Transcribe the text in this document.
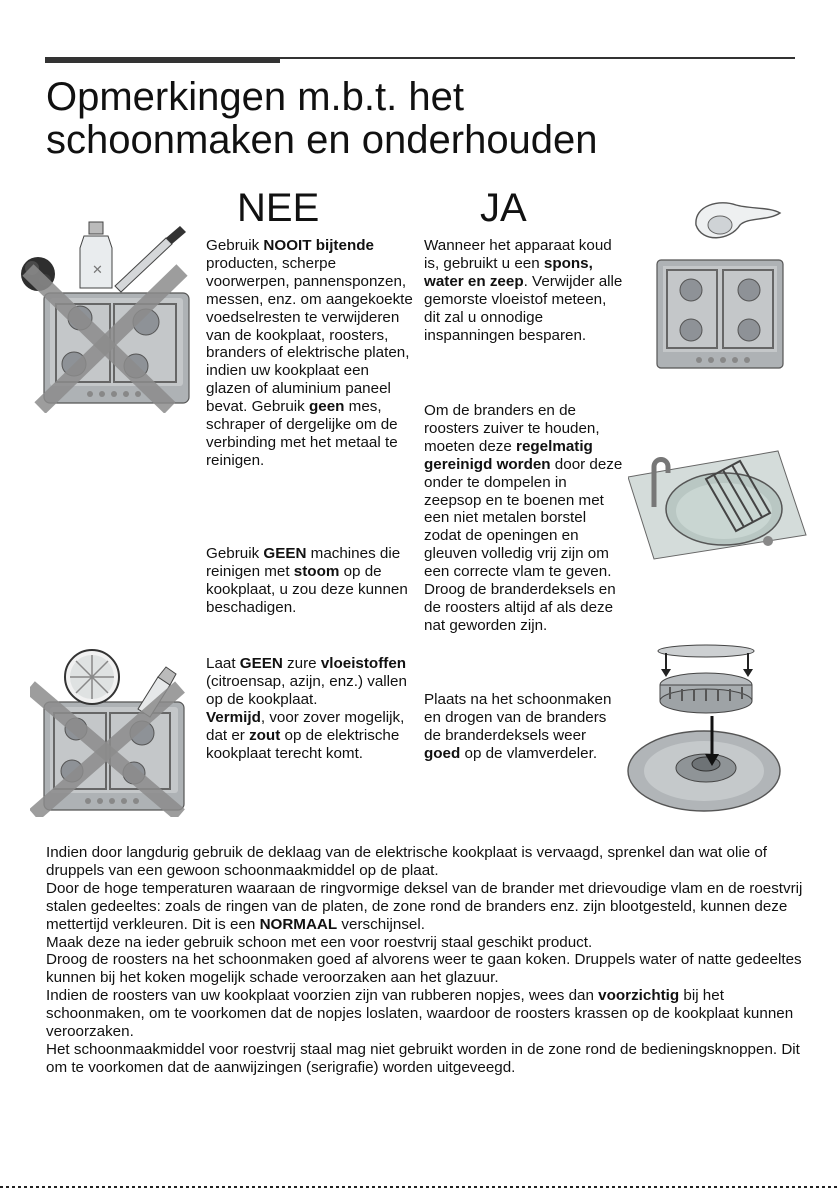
Opmerkingen m.b.t. het
schoonmaken en onderhouden
NEE	JA
Gebruik NOOIT bijtende producten, scherpe voorwerpen, pannensponzen, messen, enz. om aangekoekte voedselresten te verwijderen van de kookplaat, roosters, branders of elektrische platen, indien uw kookplaat een glazen of aluminium paneel bevat. Gebruik geen mes, schraper of dergelijke om de verbinding met het metaal te reinigen.
Gebruik GEEN machines die reinigen met stoom op de kookplaat, u zou deze kunnen beschadigen.
Laat GEEN zure vloeistoffen (citroensap, azijn, enz.) vallen op de kookplaat.
Vermijd, voor zover mogelijk, dat er zout op de elektrische kookplaat terecht komt.
Wanneer het apparaat koud is, gebruikt u een spons, water en zeep. Verwijder alle gemorste vloeistof meteen, dit zal u onnodige inspanningen besparen.
Om de branders en de roosters zuiver te houden, moeten deze regelmatig gereinigd worden door deze onder te dompelen in zeepsop en te boenen met een niet metalen borstel zodat de openingen en gleuven volledig vrij zijn om een correcte vlam te geven. Droog de branderdeksels en de roosters altijd af als deze nat geworden zijn.
Plaats na het schoonmaken en drogen van de branders de branderdeksels weer goed op de vlamverdeler.
✕
Indien door langdurig gebruik de deklaag van de elektrische kookplaat is vervaagd, sprenkel dan wat olie of druppels van een gewoon schoonmaakmiddel op de plaat.
Door de hoge temperaturen waaraan de ringvormige deksel van de brander met drievoudige vlam en de roestvrij stalen gedeeltes: zoals de ringen van de platen, de zone rond de branders enz. zijn blootgesteld, kunnen deze mettertijd verkleuren. Dit is een NORMAAL verschijnsel.
Maak deze na ieder gebruik schoon met een voor roestvrij staal geschikt product.
Droog de roosters na het schoonmaken goed af alvorens weer te gaan koken. Druppels water of natte gedeeltes kunnen bij het koken mogelijk schade veroorzaken aan het glazuur.
Indien de roosters van uw kookplaat voorzien zijn van rubberen nopjes, wees dan voorzichtig bij het schoonmaken, om te voorkomen dat de nopjes loslaten, waardoor de roosters krassen op de kookplaat kunnen veroorzaken.
Het schoonmaakmiddel voor roestvrij staal mag niet gebruikt worden in de zone rond de bedieningsknoppen. Dit om te voorkomen dat de aanwijzingen (serigrafie) worden uitgeveegd.
